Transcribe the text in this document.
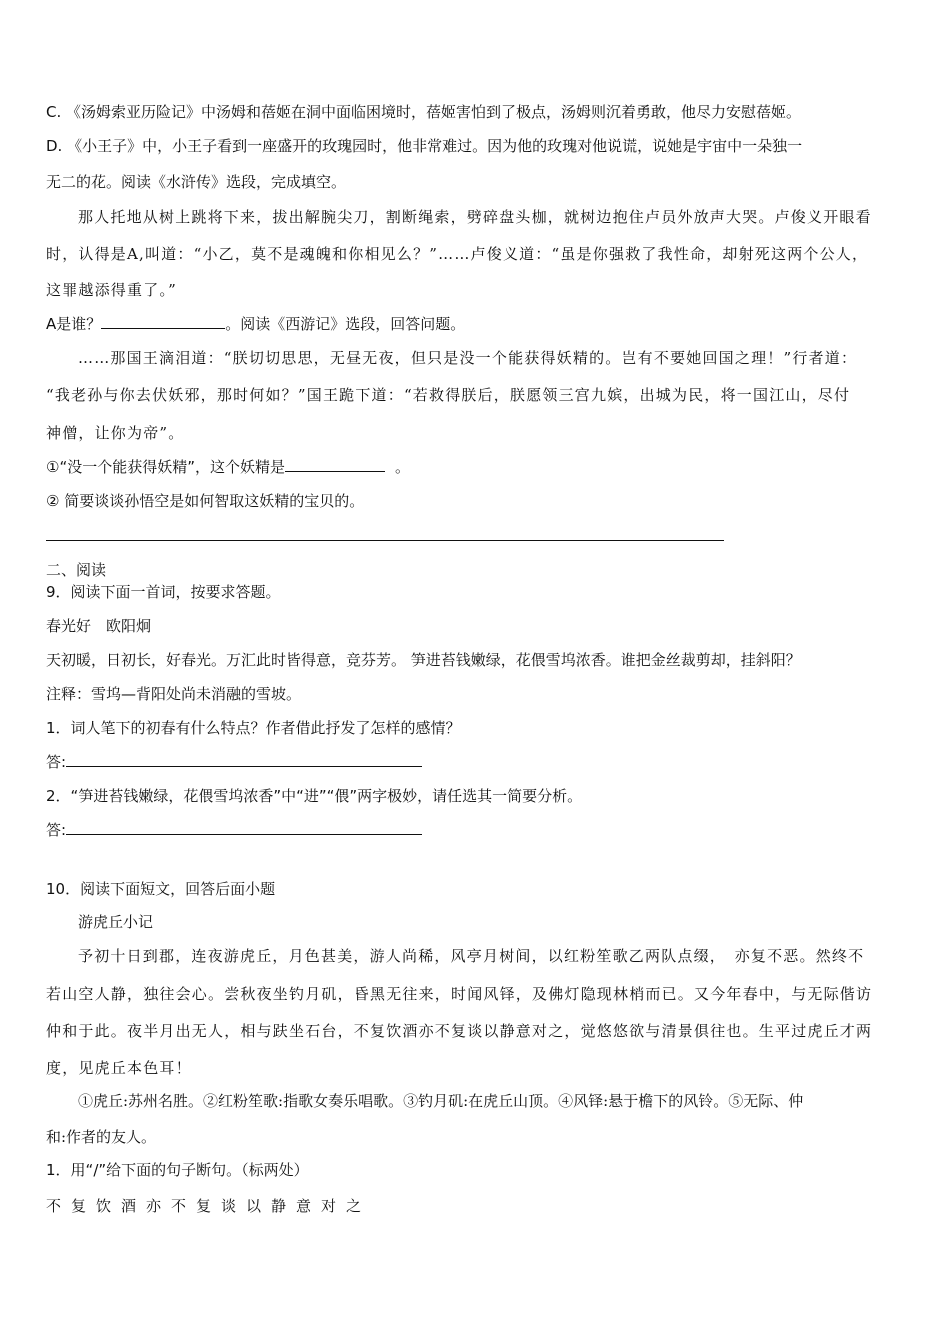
C. 《汤姆索亚历险记》中汤姆和蓓姬在洞中面临困境时，蓓姬害怕到了极点，汤姆则沉着勇敢，他尽力安慰蓓姬。
D. 《小王子》中，小王子看到一座盛开的玫瑰园时，他非常难过。因为他的玫瑰对他说谎，说她是宇宙中一朵独一
无二的花。阅读《水浒传》选段，完成填空。
那人托地从树上跳将下来，拔出解腕尖刀，割断绳索，劈碎盘头枷，就树边抱住卢员外放声大哭。卢俊义开眼看
时，认得是A,叫道：“小乙，莫不是魂魄和你相见么？”……卢俊义道：“虽是你强救了我性命，却射死这两个公人，
这罪越添得重了。”
A是谁？	。阅读《西游记》选段，回答问题。
……那国王滴泪道：“朕切切思思，无昼无夜，但只是没一个能获得妖精的。岂有不要她回国之理！”行者道：
“我老孙与你去伏妖邪，那时何如？”国王跪下道：“若救得朕后，朕愿领三宫九嫔，出城为民，将一国江山，尽付
神僧，让你为帝”。
①“没一个能获得妖精”，这个妖精是	。
② 简要谈谈孙悟空是如何智取这妖精的宝贝的。
二、阅读
9．阅读下面一首词，按要求答题。
春光好　欧阳炯
天初暖，日初长，好春光。万汇此时皆得意，竞芬芳。 笋进苔钱嫩绿，花偎雪坞浓香。谁把金丝裁剪却，挂斜阳？
注释：雪坞—背阳处尚未消融的雪坡。
1．词人笔下的初春有什么特点？作者借此抒发了怎样的感情？
答:
2．“笋进苔钱嫩绿，花偎雪坞浓香”中“进”“偎”两字极妙，请任选其一简要分析。
答:
10．阅读下面短文，回答后面小题
游虎丘小记
予初十日到郡，连夜游虎丘，月色甚美，游人尚稀，风亭月树间，以红粉笙歌乙两队点缀，　亦复不恶。然终不
若山空人静，独往会心。尝秋夜坐钓月矶，昏黑无往来，时闻风铎，及佛灯隐现林梢而已。又今年春中，与无际偕访
仲和于此。夜半月出无人，相与趺坐石台，不复饮酒亦不复谈以静意对之，觉悠悠欲与清景俱往也。生平过虎丘才两
度，见虎丘本色耳！
①虎丘:苏州名胜。②红粉笙歌:指歌女奏乐唱歌。③钓月矶:在虎丘山顶。④风铎:悬于檐下的风铃。⑤无际、仲
和:作者的友人。
1．用“/”给下面的句子断句。（标两处）
不复饮酒亦不复谈以静意对之
